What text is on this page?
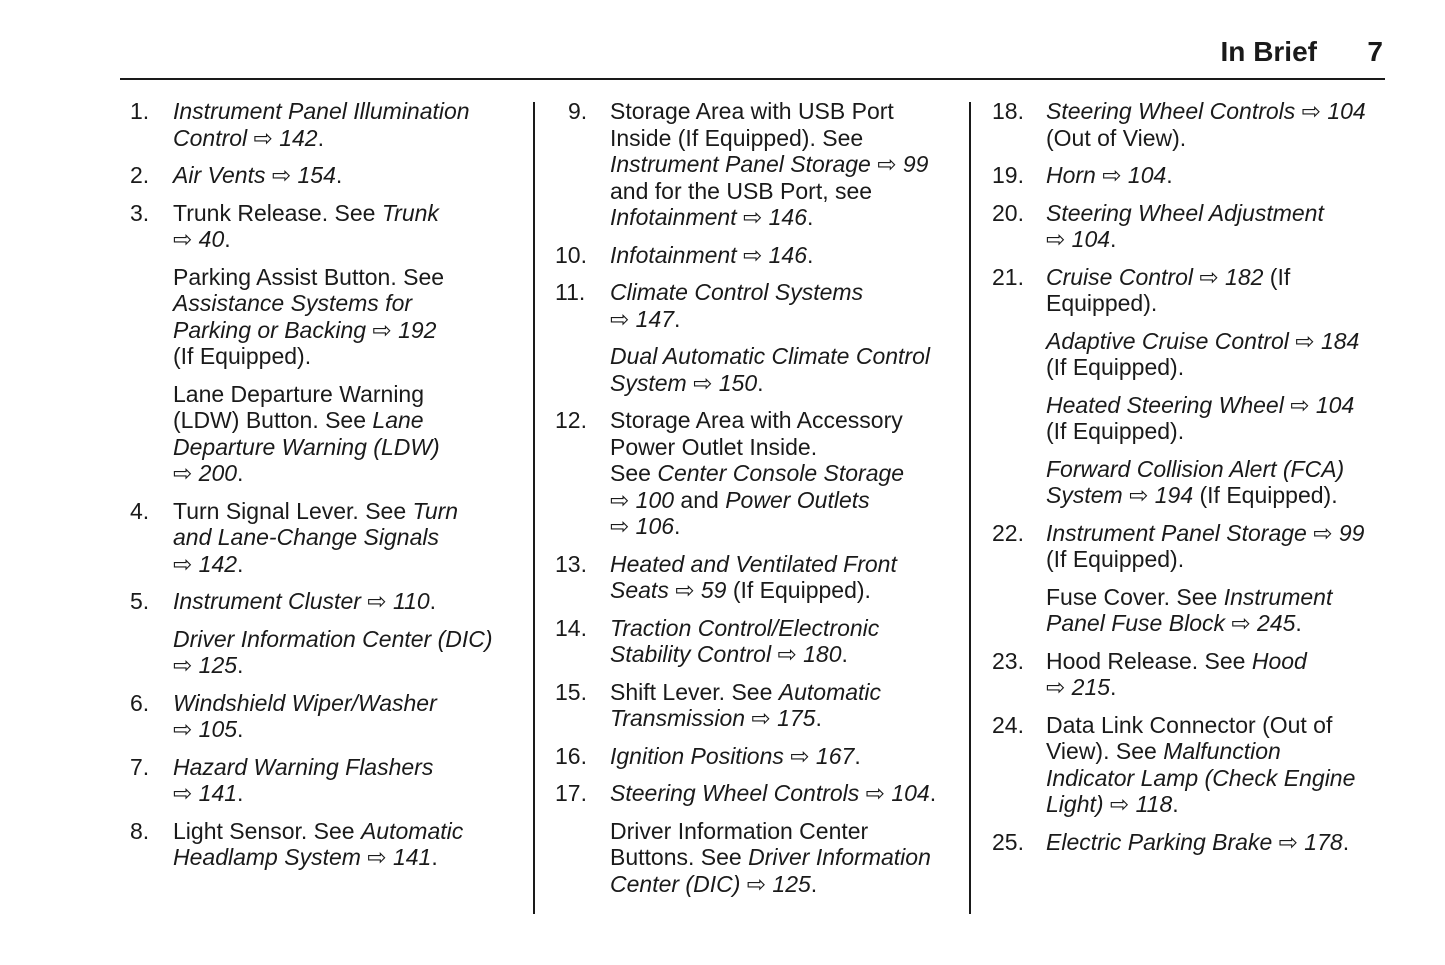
In Brief 7
1. Instrument Panel Illumination
Control ⇨ 142.
2. Air Vents ⇨ 154.
3. Trunk Release. See Trunk
⇨ 40.
Parking Assist Button. See
Assistance Systems for
Parking or Backing ⇨ 192
(If Equipped).
Lane Departure Warning
(LDW) Button. See Lane
Departure Warning (LDW)
⇨ 200.
4. Turn Signal Lever. See Turn
and Lane-Change Signals
⇨ 142.
5. Instrument Cluster ⇨ 110.
Driver Information Center (DIC)
⇨ 125.
6. Windshield Wiper/Washer
⇨ 105.
7. Hazard Warning Flashers
⇨ 141.
8. Light Sensor. See Automatic
Headlamp System ⇨ 141.
9. Storage Area with USB Port
Inside (If Equipped). See
Instrument Panel Storage ⇨ 99
and for the USB Port, see
Infotainment ⇨ 146.
10. Infotainment ⇨ 146.
11. Climate Control Systems
⇨ 147.
Dual Automatic Climate Control
System ⇨ 150.
12. Storage Area with Accessory
Power Outlet Inside.
See Center Console Storage
⇨ 100 and Power Outlets
⇨ 106.
13. Heated and Ventilated Front
Seats ⇨ 59 (If Equipped).
14. Traction Control/Electronic
Stability Control ⇨ 180.
15. Shift Lever. See Automatic
Transmission ⇨ 175.
16. Ignition Positions ⇨ 167.
17. Steering Wheel Controls ⇨ 104.
Driver Information Center
Buttons. See Driver Information
Center (DIC) ⇨ 125.
18. Steering Wheel Controls ⇨ 104
(Out of View).
19. Horn ⇨ 104.
20. Steering Wheel Adjustment
⇨ 104.
21. Cruise Control ⇨ 182 (If
Equipped).
Adaptive Cruise Control ⇨ 184
(If Equipped).
Heated Steering Wheel ⇨ 104
(If Equipped).
Forward Collision Alert (FCA)
System ⇨ 194 (If Equipped).
22. Instrument Panel Storage ⇨ 99
(If Equipped).
Fuse Cover. See Instrument
Panel Fuse Block ⇨ 245.
23. Hood Release. See Hood
⇨ 215.
24. Data Link Connector (Out of
View). See Malfunction
Indicator Lamp (Check Engine
Light) ⇨ 118.
25. Electric Parking Brake ⇨ 178.
